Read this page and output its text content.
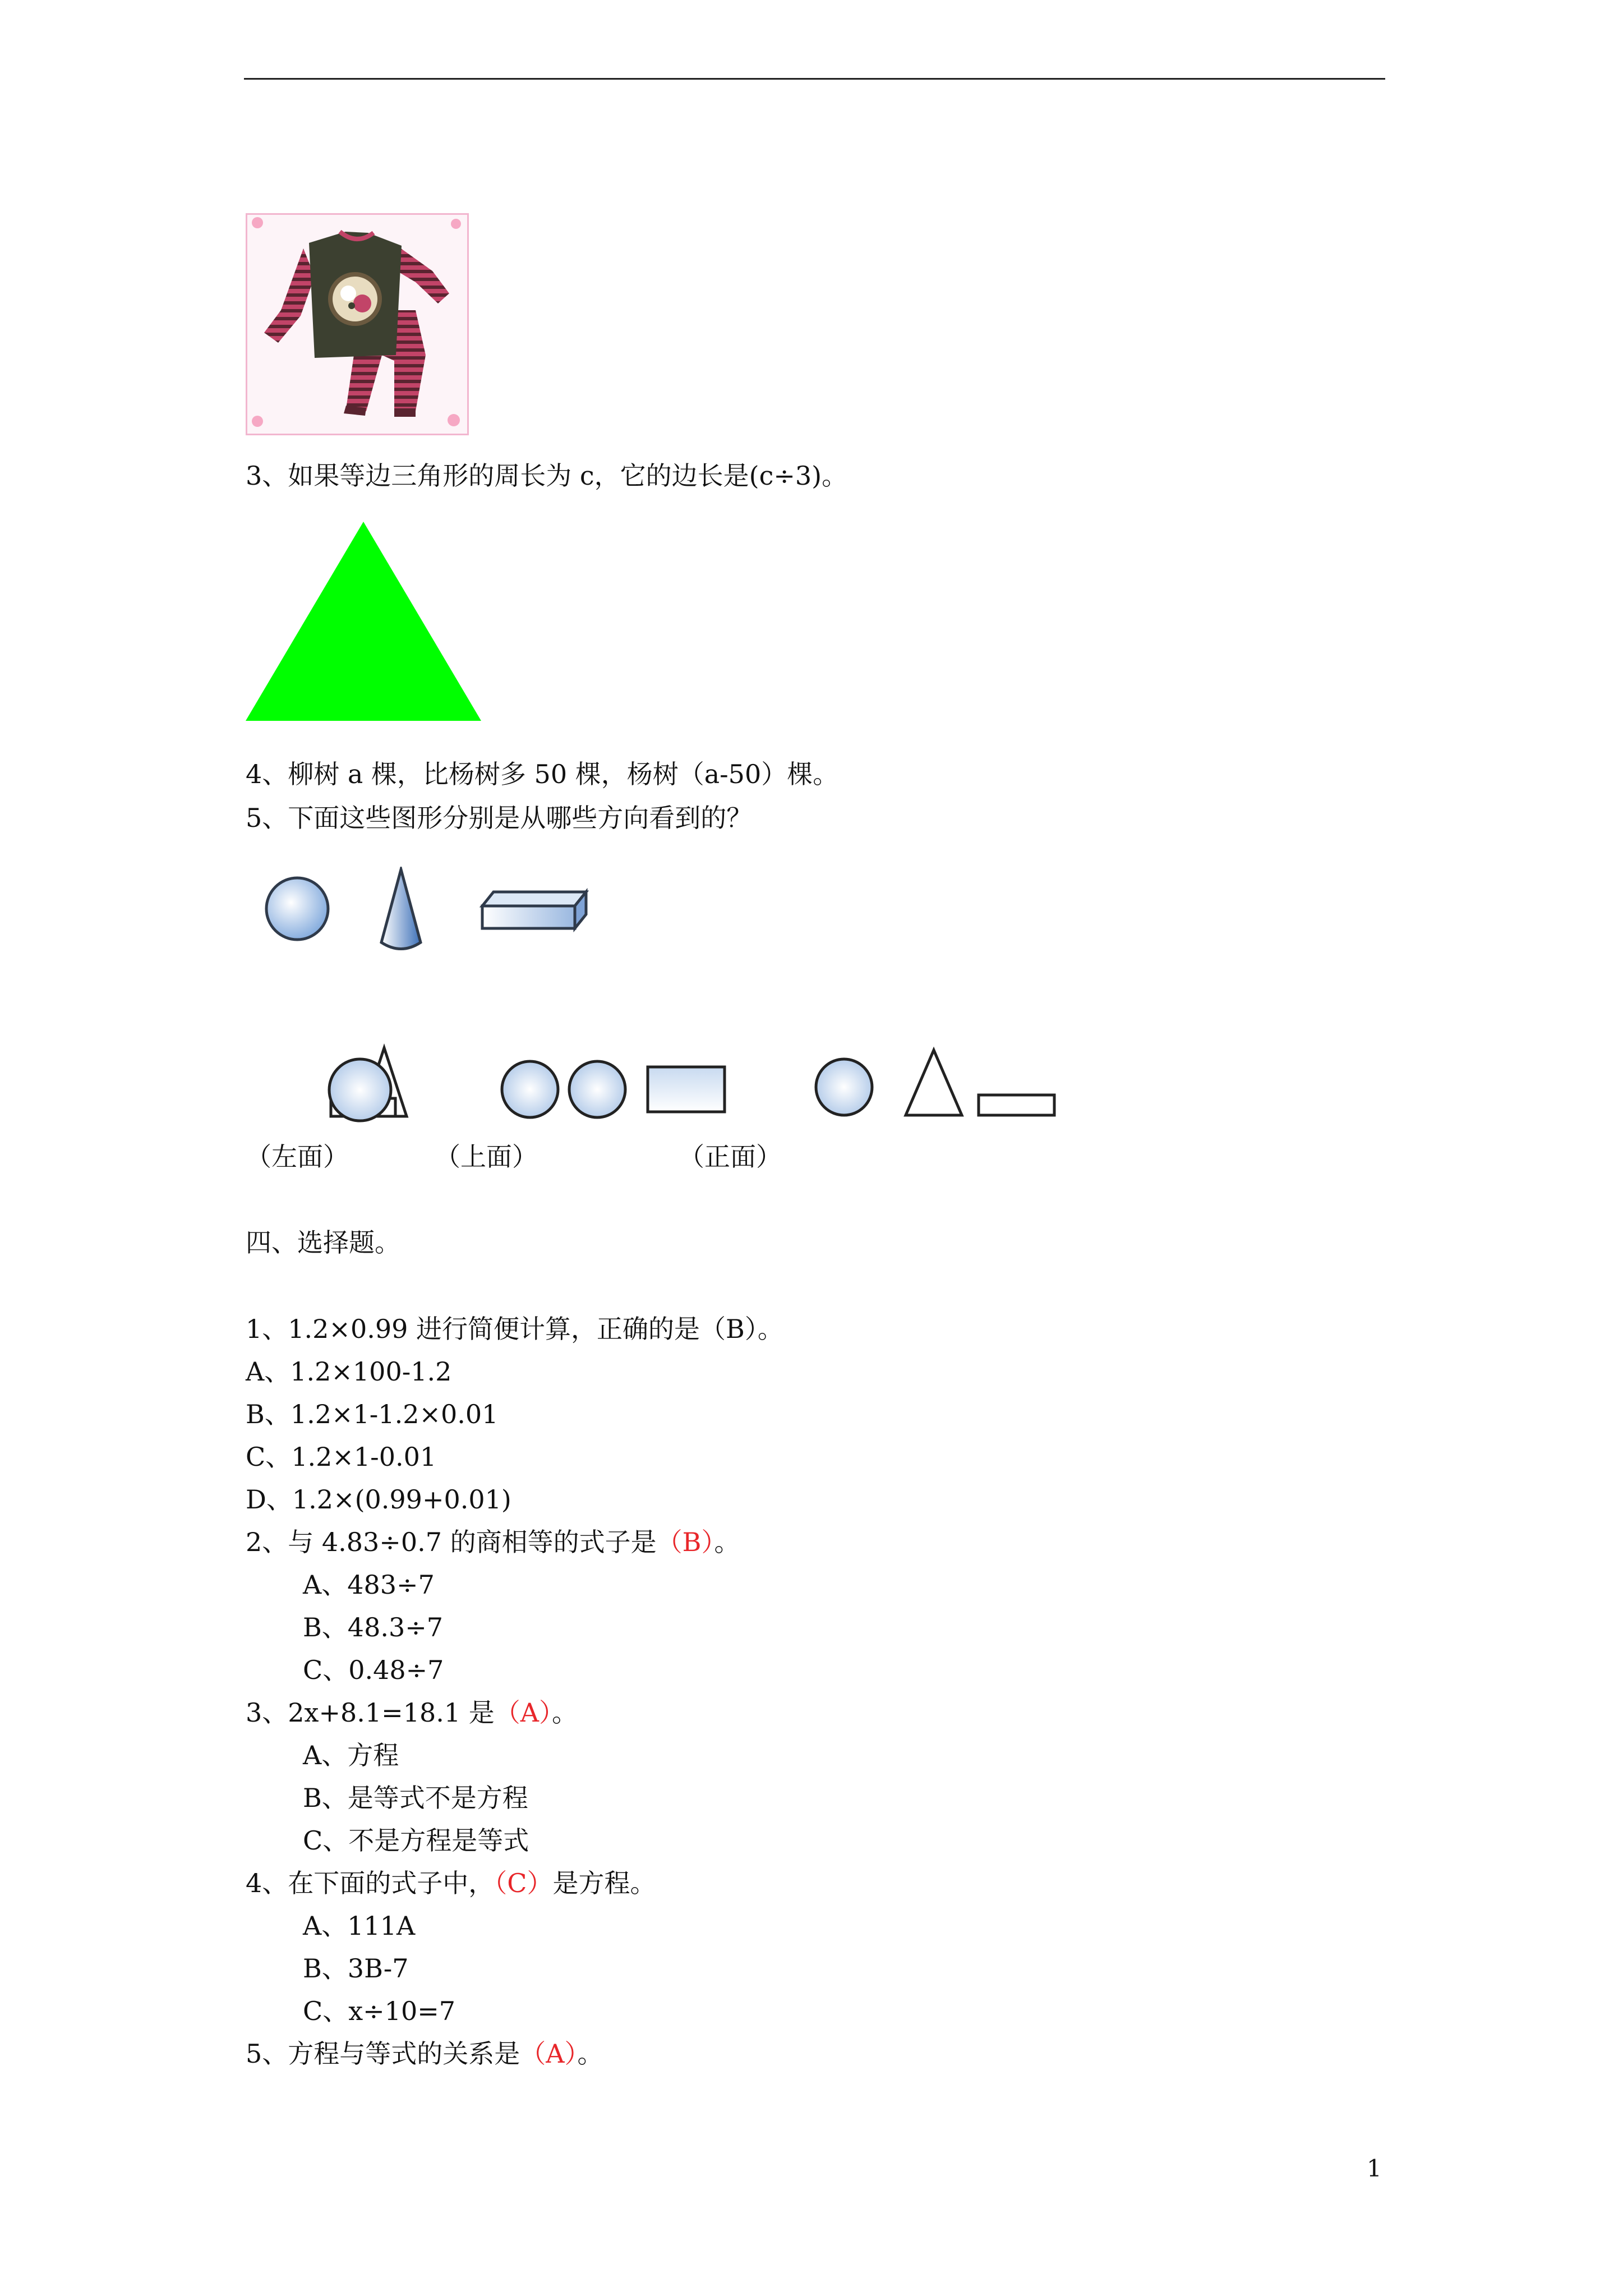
3、如果等边三角形的周长为 c，它的边长是(c÷3)。
4、柳树 a 棵，比杨树多 50 棵，杨树（a-50）棵。
5、下面这些图形分别是从哪些方向看到的？
（左面）	（上面）	（正面）
四、选择题。
1、1.2×0.99 进行简便计算，正确的是（B）。
A、1.2×100-1.2
B、1.2×1-1.2×0.01
C、1.2×1-0.01
D、1.2×(0.99+0.01)
2、与 4.83÷0.7 的商相等的式子是（B）。
A、483÷7
B、48.3÷7
C、0.48÷7
3、2x+8.1=18.1 是（A）。
A、方程
B、是等式不是方程
C、不是方程是等式
4、在下面的式子中，（C）是方程。
A、111A
B、3B-7
C、x÷10=7
5、方程与等式的关系是（A）。
1
